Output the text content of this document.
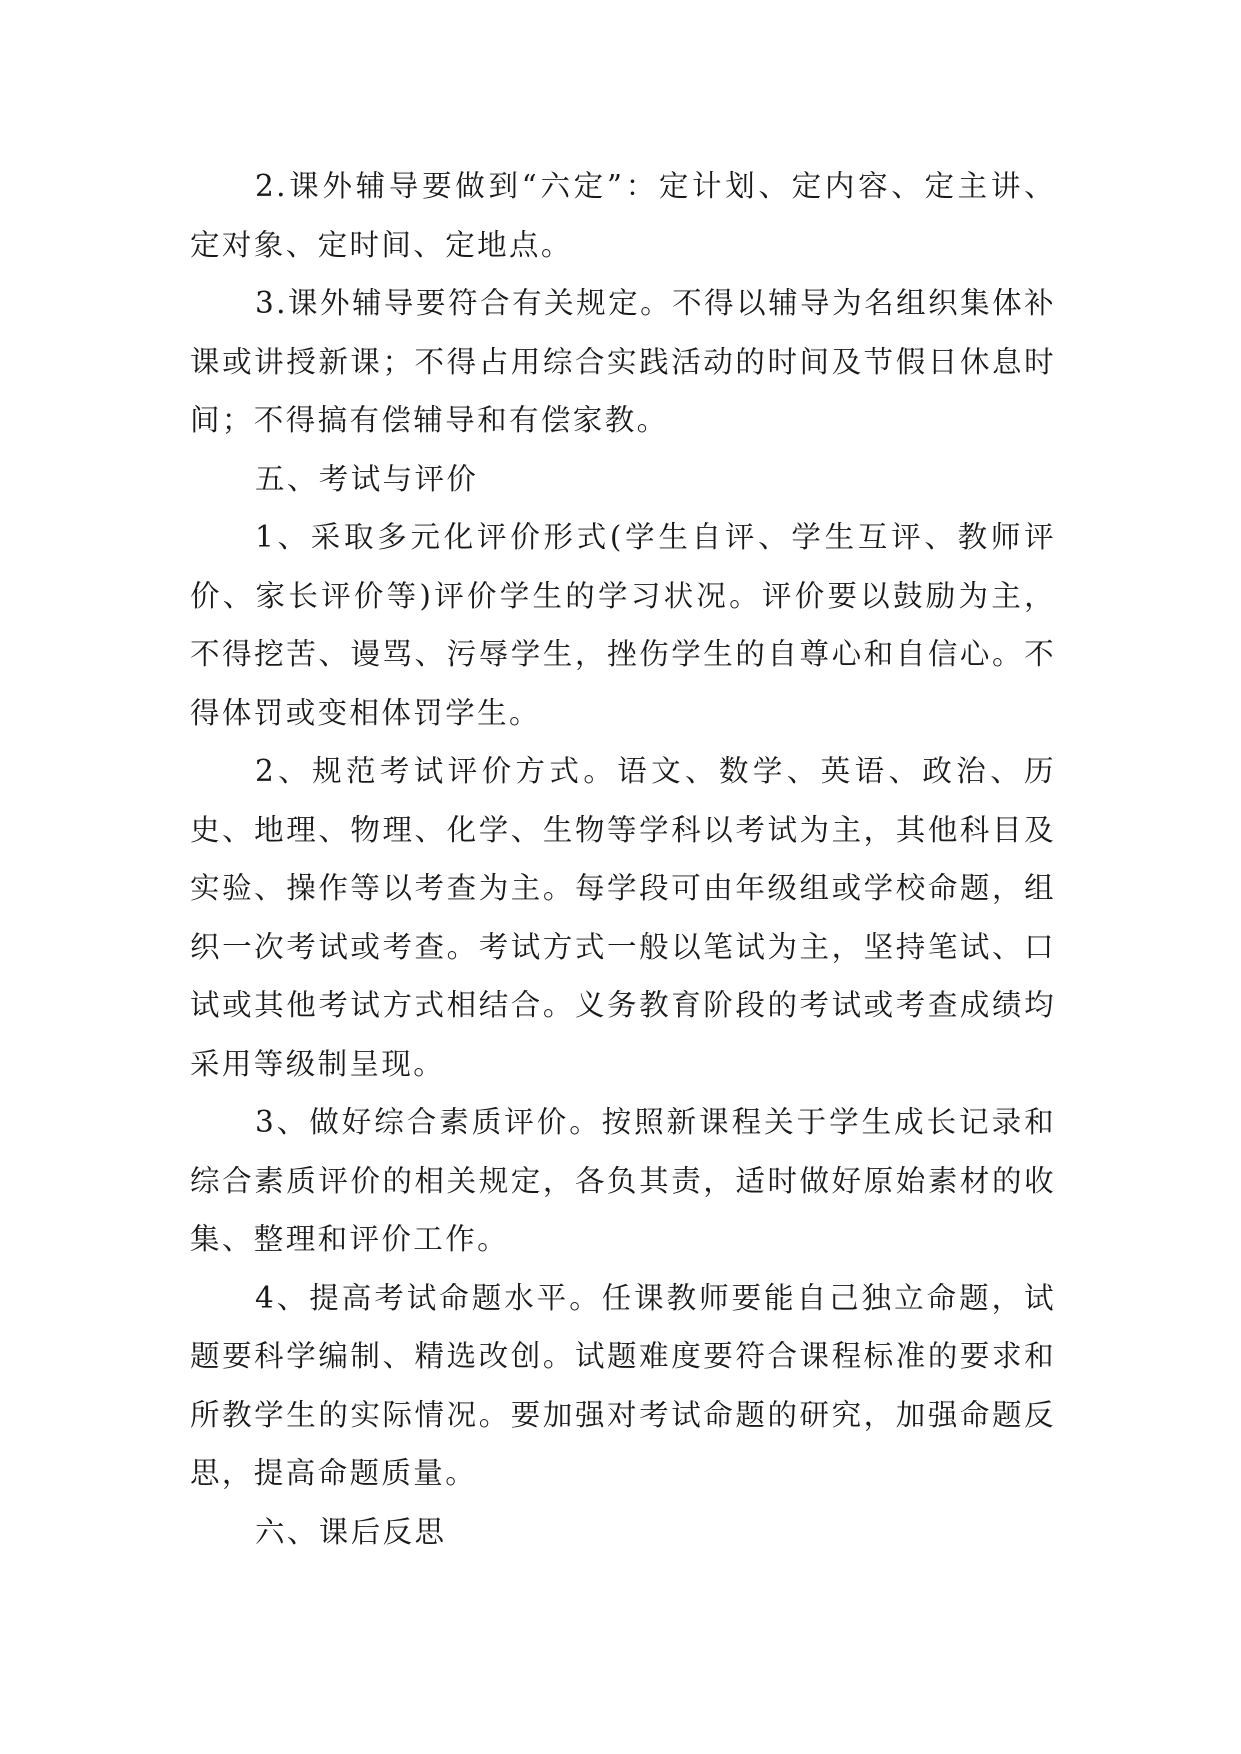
2.课外辅导要做到“六定”：定计划、定内容、定主讲、定对象、定时间、定地点。

3.课外辅导要符合有关规定。不得以辅导为名组织集体补课或讲授新课；不得占用综合实践活动的时间及节假日休息时间；不得搞有偿辅导和有偿家教。

五、考试与评价

1、采取多元化评价形式(学生自评、学生互评、教师评价、家长评价等)评价学生的学习状况。评价要以鼓励为主，不得挖苦、谩骂、污辱学生，挫伤学生的自尊心和自信心。不得体罚或变相体罚学生。

2、规范考试评价方式。语文、数学、英语、政治、历史、地理、物理、化学、生物等学科以考试为主，其他科目及实验、操作等以考查为主。每学段可由年级组或学校命题，组织一次考试或考查。考试方式一般以笔试为主，坚持笔试、口试或其他考试方式相结合。义务教育阶段的考试或考查成绩均采用等级制呈现。

3、做好综合素质评价。按照新课程关于学生成长记录和综合素质评价的相关规定，各负其责，适时做好原始素材的收集、整理和评价工作。

4、提高考试命题水平。任课教师要能自己独立命题，试题要科学编制、精选改创。试题难度要符合课程标准的要求和所教学生的实际情况。要加强对考试命题的研究，加强命题反思，提高命题质量。

六、课后反思
